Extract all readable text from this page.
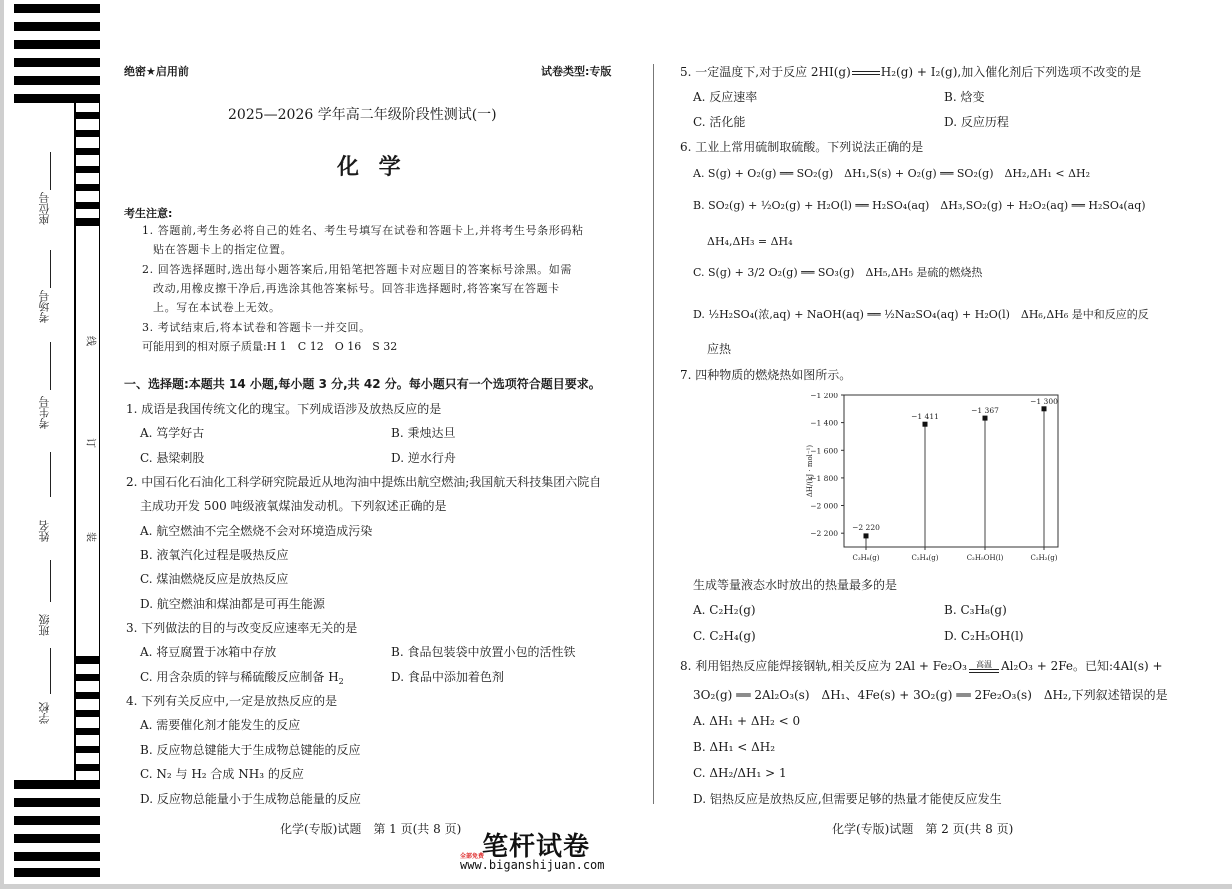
座位号
考场号
考生号
姓名
班级
学校
线
订
装
绝密★启用前	试卷类型:专版
2025—2026 学年高二年级阶段性测试(一)
化 学
考生注意:
1. 答题前,考生务必将自己的姓名、考生号填写在试卷和答题卡上,并将考生号条形码粘
贴在答题卡上的指定位置。
2. 回答选择题时,选出每小题答案后,用铅笔把答题卡对应题目的答案标号涂黑。如需
改动,用橡皮擦干净后,再选涂其他答案标号。回答非选择题时,将答案写在答题卡
上。写在本试卷上无效。
3. 考试结束后,将本试卷和答题卡一并交回。
可能用到的相对原子质量:H 1　C 12　O 16　S 32
一、选择题:本题共 14 小题,每小题 3 分,共 42 分。每小题只有一个选项符合题目要求。
1. 成语是我国传统文化的瑰宝。下列成语涉及放热反应的是
A. 笃学好古	B. 秉烛达旦
C. 悬梁刺股	D. 逆水行舟
2. 中国石化石油化工科学研究院最近从地沟油中提炼出航空燃油;我国航天科技集团六院自
主成功开发 500 吨级液氧煤油发动机。下列叙述正确的是
A. 航空燃油不完全燃烧不会对环境造成污染
B. 液氧汽化过程是吸热反应
C. 煤油燃烧反应是放热反应
D. 航空燃油和煤油都是可再生能源
3. 下列做法的目的与改变反应速率无关的是
A. 将豆腐置于冰箱中存放	B. 食品包装袋中放置小包的活性铁
C. 用含杂质的锌与稀硫酸反应制备 $H_2$	D. 食品中添加着色剂
4. 下列有关反应中,一定是放热反应的是
A. 需要催化剂才能发生的反应
B. 反应物总键能大于生成物总键能的反应
C. N₂ 与 H₂ 合成 NH₃ 的反应
D. 反应物总能量小于生成物总能量的反应
化学(专版)试题　第 1 页(共 8 页)
笔杆试卷
全部免费
www.biganshijuan.com
5. 一定温度下,对于反应 2HI(g)	H₂(g) + I₂(g),加入催化剂后下列选项不改变的是
A. 反应速率	B. 焓变
C. 活化能	D. 反应历程
6. 工业上常用硫制取硫酸。下列说法正确的是
A. S(g) + O₂(g) ══ SO₂(g)　ΔH₁,S(s) + O₂(g) ══ SO₂(g)　ΔH₂,ΔH₁ < ΔH₂
B. SO₂(g) + ½O₂(g) + H₂O(l) ══ H₂SO₄(aq)　ΔH₃,SO₂(g) + H₂O₂(aq) ══ H₂SO₄(aq)
ΔH₄,ΔH₃ = ΔH₄
C. S(g) + 3/2 O₂(g) ══ SO₃(g)　ΔH₅,ΔH₅ 是硫的燃烧热
D. ½H₂SO₄(浓,aq) + NaOH(aq) ══ ½Na₂SO₄(aq) + H₂O(l)　ΔH₆,ΔH₆ 是中和反应的反
应热
7. 四种物质的燃烧热如图所示。
−1 200
−1 400
−1 600
−1 800
−2 000
−2 200
ΔH/(kJ · mol⁻¹)
−2 220
−1 411
−1 367
−1 300
C₃H₈(g)	C₂H₄(g)	C₂H₅OH(l)	C₂H₂(g)
生成等量液态水时放出的热量最多的是
A. C₂H₂(g)	B. C₃H₈(g)
C. C₂H₄(g)	D. C₂H₅OH(l)
8. 利用铝热反应能焊接钢轨,相关反应为 2Al + Fe₂O₃	高温 Al₂O₃ + 2Fe。已知:4Al(s) +
3O₂(g) ══ 2Al₂O₃(s)　ΔH₁、4Fe(s) + 3O₂(g) ══ 2Fe₂O₃(s)　ΔH₂,下列叙述错误的是
A. ΔH₁ + ΔH₂ < 0
B. ΔH₁ < ΔH₂
C. ΔH₂/ΔH₁ > 1
D. 铝热反应是放热反应,但需要足够的热量才能使反应发生
化学(专版)试题　第 2 页(共 8 页)
